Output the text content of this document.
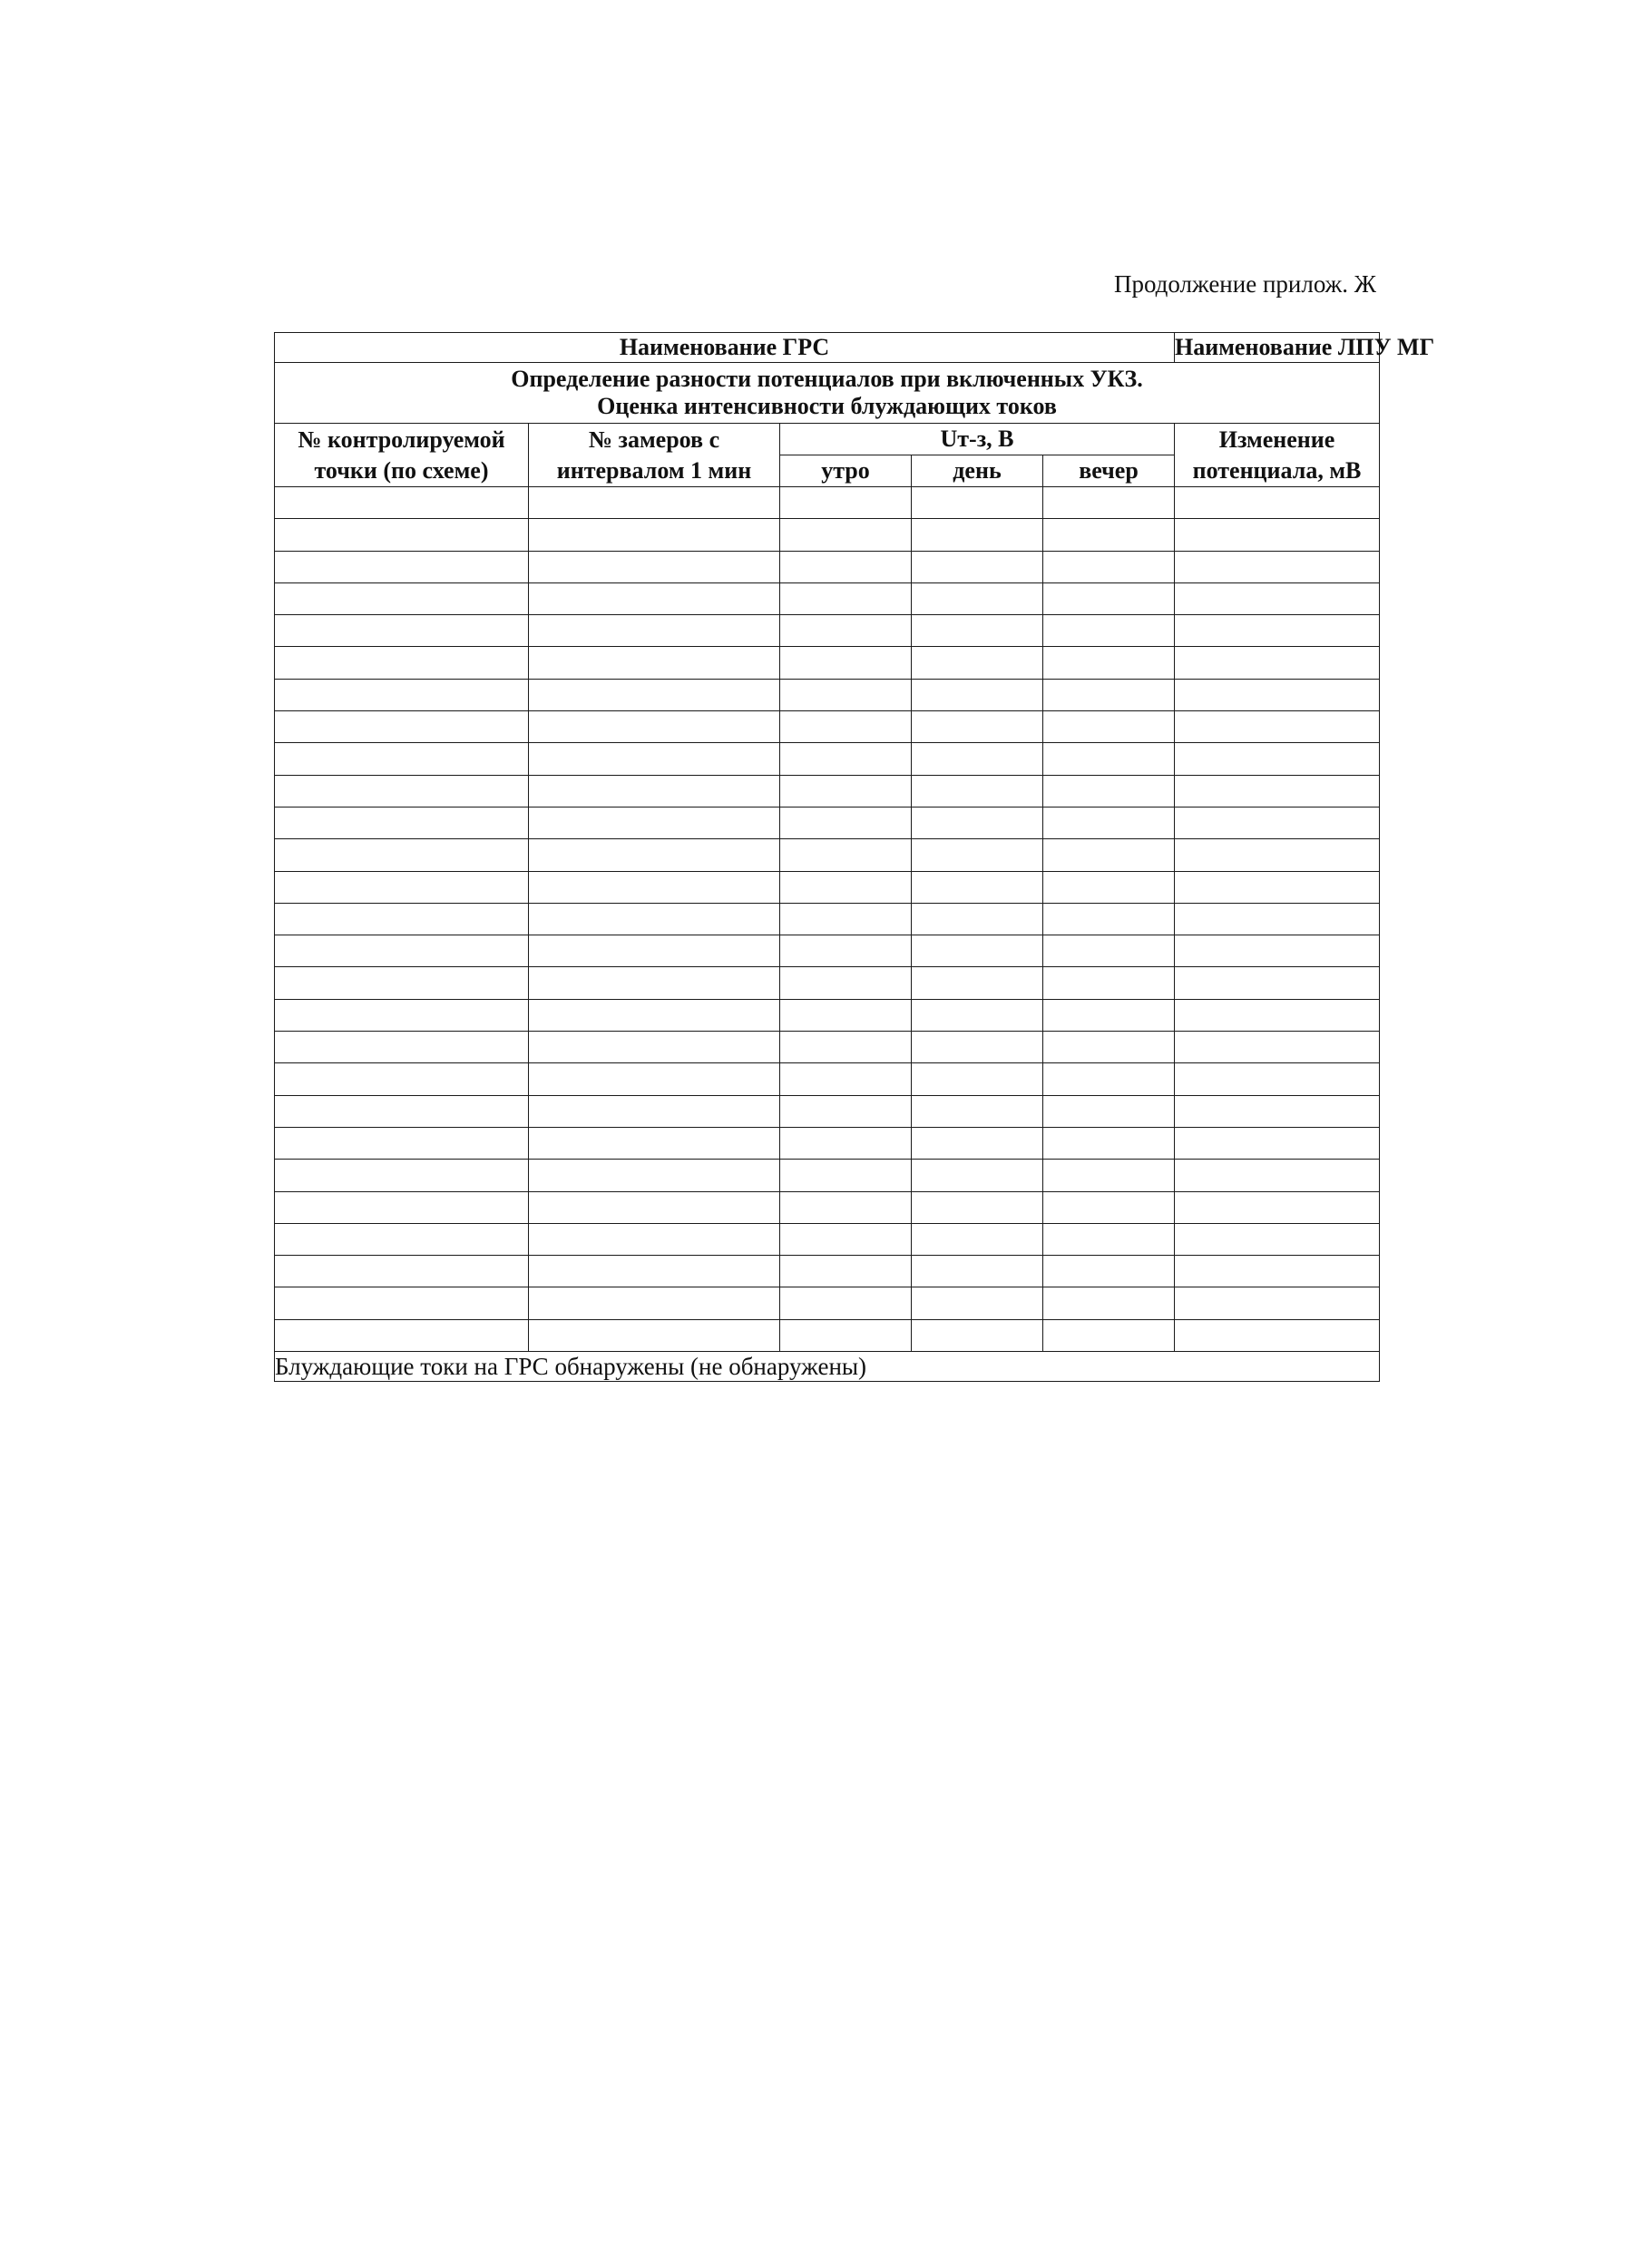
Продолжение прилож. Ж
Наименование ГРС					Наименование ЛПУ МГ

Определение разности потенциалов при включенных УКЗ.
Оценка интенсивности блуждающих токов					

№ контролируемой точки (по схеме)	№ замеров с интервалом 1 мин	Uт-з, В			Изменение потенциала, мВ
		утро	день	вечер	

Блуждающие токи на ГРС обнаружены (не обнаружены)					
